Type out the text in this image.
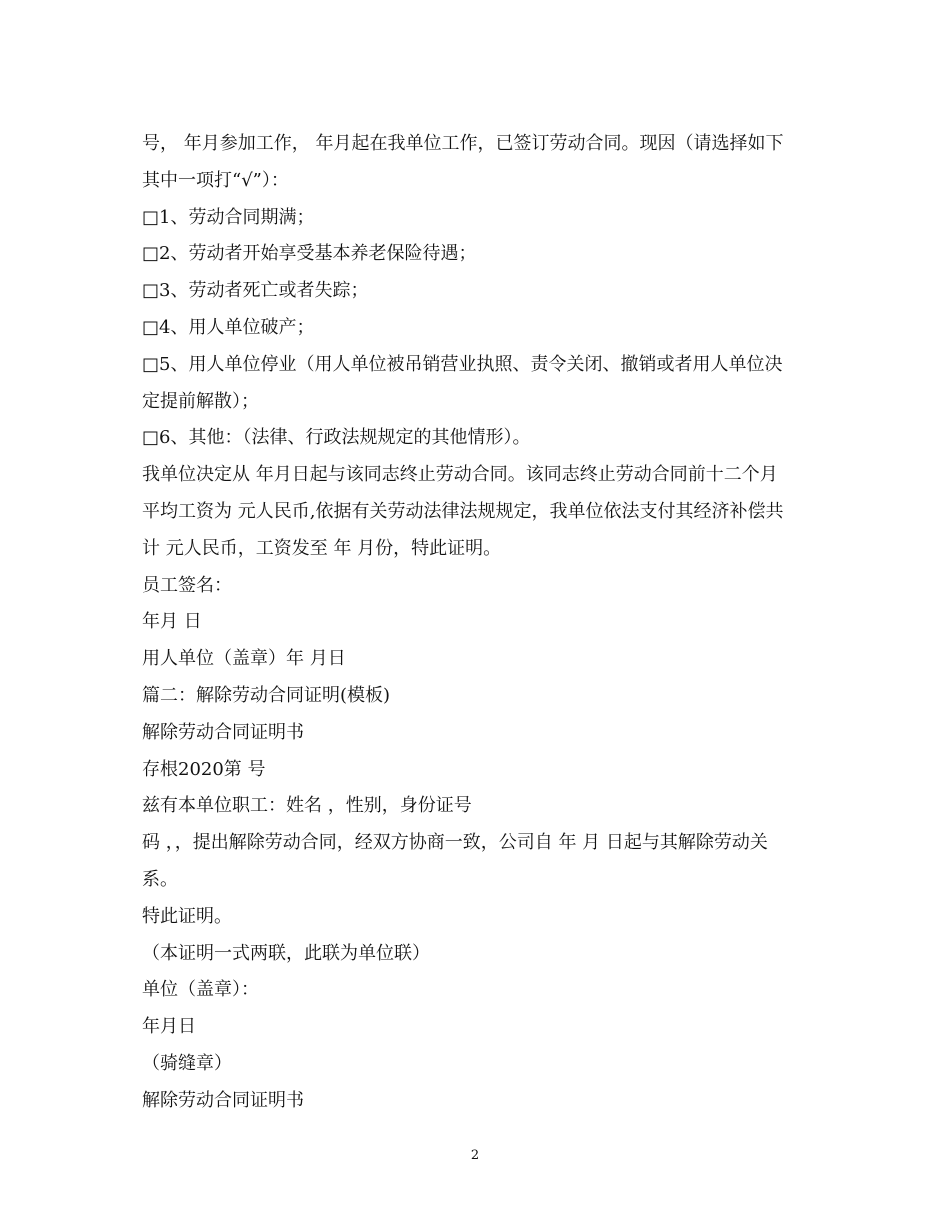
号， 年月参加工作， 年月起在我单位工作，已签订劳动合同。现因（请选择如下
其中一项打“√”）：
□1、劳动合同期满；
□2、劳动者开始享受基本养老保险待遇；
□3、劳动者死亡或者失踪；
□4、用人单位破产；
□5、用人单位停业（用人单位被吊销营业执照、责令关闭、撤销或者用人单位决
定提前解散）；
□6、其他：（法律、行政法规规定的其他情形）。
我单位决定从 年月日起与该同志终止劳动合同。该同志终止劳动合同前十二个月
平均工资为 元人民币,依据有关劳动法律法规规定，我单位依法支付其经济补偿共
计 元人民币，工资发至 年 月份，特此证明。
员工签名：
年月 日
用人单位（盖章）年 月日
篇二：解除劳动合同证明(模板)
解除劳动合同证明书
存根2020第 号
兹有本单位职工：姓名 ，性别，身份证号
码 ，，提出解除劳动合同，经双方协商一致，公司自 年 月 日起与其解除劳动关
系。
特此证明。
（本证明一式两联，此联为单位联）
单位（盖章）：
年月日
（骑缝章）
解除劳动合同证明书
2
